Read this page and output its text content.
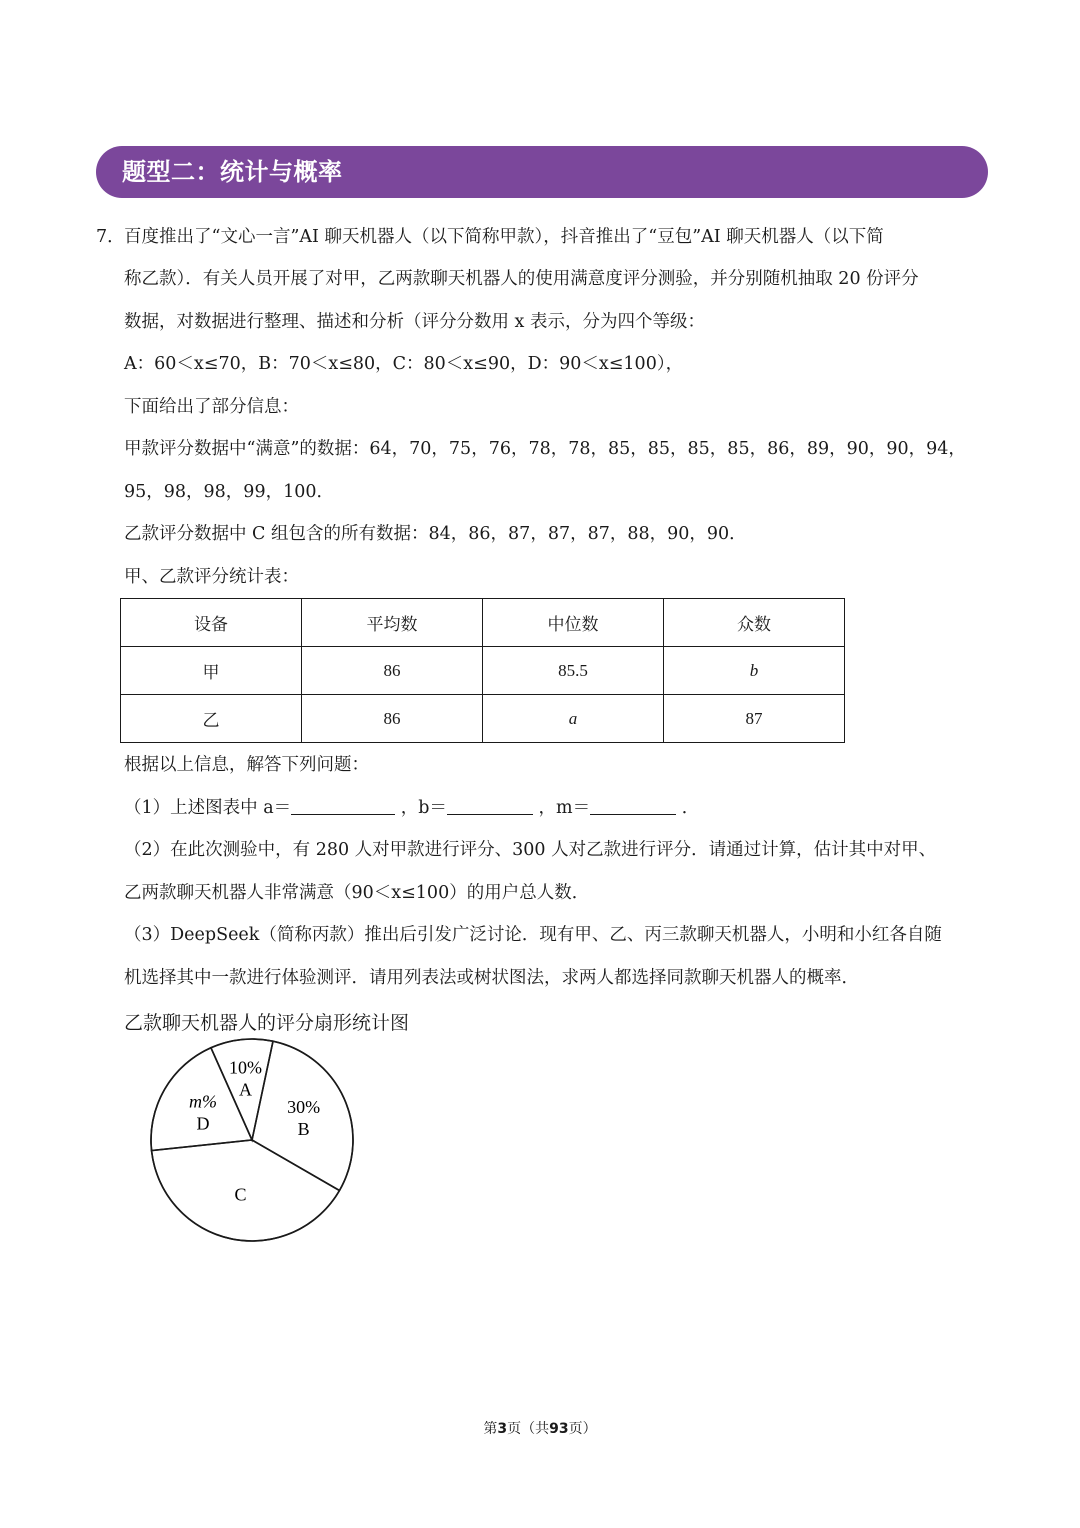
题型二：统计与概率
7． 百度推出了“文心一言”AI 聊天机器人（以下简称甲款），抖音推出了“豆包”AI 聊天机器人（以下简
称乙款）．有关人员开展了对甲，乙两款聊天机器人的使用满意度评分测验，并分别随机抽取 20 份评分
数据，对数据进行整理、描述和分析（评分分数用 x 表示，分为四个等级：
A：60＜x≤70，B：70＜x≤80，C：80＜x≤90，D：90＜x≤100），
下面给出了部分信息：
甲款评分数据中“满意”的数据：64，70，75，76，78，78，85，85，85，85，86，89，90，90，94，
95，98，98，99，100．
乙款评分数据中 C 组包含的所有数据：84，86，87，87，87，88，90，90．
甲、乙款评分统计表：
设备	平均数	中位数	众数
甲	86	85.5	b
乙	86	a	87
根据以上信息，解答下列问题：
（1）上述图表中 a＝	，b＝	，m＝	．
（2）在此次测验中，有 280 人对甲款进行评分、300 人对乙款进行评分．请通过计算，估计其中对甲、
乙两款聊天机器人非常满意（90＜x≤100）的用户总人数．
（3）DeepSeek（简称丙款）推出后引发广泛讨论．现有甲、乙、丙三款聊天机器人，小明和小红各自随
机选择其中一款进行体验测评．请用列表法或树状图法，求两人都选择同款聊天机器人的概率．
乙款聊天机器人的评分扇形统计图
30%
B
C
m%
D
10%
A
第3页（共93页）
